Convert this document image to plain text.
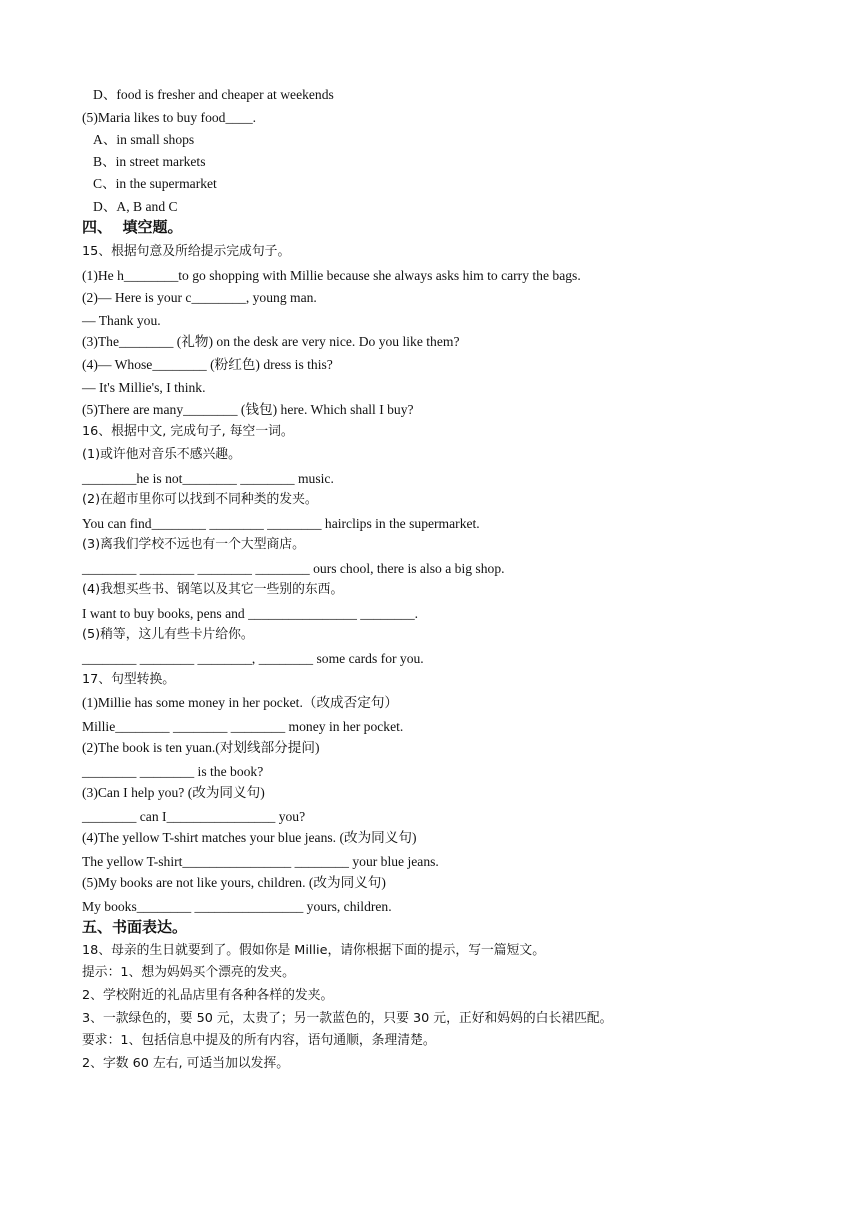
D、food is fresher and cheaper at weekends
(5)Maria likes to buy food____.
A、in small shops
B、in street markets
C、in the supermarket
D、A, B and C
四、  填空题。
15、根据句意及所给提示完成句子。
(1)He h________to go shopping with Millie because she always asks him to carry the bags.
(2)— Here is your c________, young man.
— Thank you.
(3)The________ (礼物) on the desk are very nice. Do you like them?
(4)— Whose________ (粉红色) dress is this?
— It's Millie's, I think.
(5)There are many________ (钱包) here. Which shall I buy?
16、根据中文, 完成句子, 每空一词。
(1)或许他对音乐不感兴趣。
________he is not________ ________ music.
(2)在超市里你可以找到不同种类的发夹。
You can find________ ________ ________ hairclips in the supermarket.
(3)离我们学校不远也有一个大型商店。
________ ________ ________ ________ ours chool, there is also a big shop.
(4)我想买些书、钢笔以及其它一些别的东西。
I want to buy books, pens and ________________ ________.
(5)稍等，这儿有些卡片给你。
________ ________ ________, ________ some cards for you.
17、句型转换。
(1)Millie has some money in her pocket.（改成否定句）
Millie________ ________ ________ money in her pocket.
(2)The book is ten yuan.(对划线部分提问)
________ ________ is the book?
(3)Can I help you? (改为同义句)
________ can I________________ you?
(4)The yellow T-shirt matches your blue jeans. (改为同义句)
The yellow T-shirt________________ ________ your blue jeans.
(5)My books are not like yours, children. (改为同义句)
My books________ ________________ yours, children.
五、书面表达。
18、母亲的生日就要到了。假如你是 Millie，请你根据下面的提示，写一篇短文。
提示：1、想为妈妈买个漂亮的发夹。
2、学校附近的礼品店里有各种各样的发夹。
3、一款绿色的，要 50 元，太贵了；另一款蓝色的，只要 30 元，正好和妈妈的白长裙匹配。
要求：1、包括信息中提及的所有内容，语句通顺，条理清楚。
2、字数 60 左右, 可适当加以发挥。
